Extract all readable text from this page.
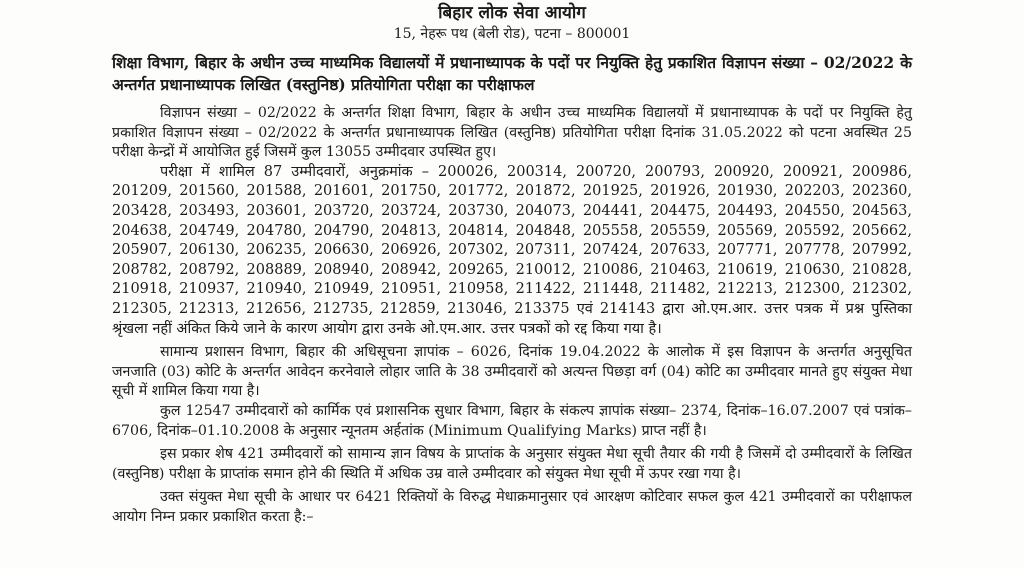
बिहार लोक सेवा आयोग
15, नेहरू पथ (बेली रोड), पटना – 800001
शिक्षा विभाग, बिहार के अधीन उच्च माध्यमिक विद्यालयों में प्रधानाध्यापक के पदों पर नियुक्ति हेतु प्रकाशित विज्ञापन संख्या – 02/2022 के अन्तर्गत प्रधानाध्यापक लिखित (वस्तुनिष्ठ) प्रतियोगिता परीक्षा का परीक्षाफल

विज्ञापन संख्या – 02/2022 के अन्तर्गत शिक्षा विभाग, बिहार के अधीन उच्च माध्यमिक विद्यालयों में प्रधानाध्यापक के पदों पर नियुक्ति हेतु प्रकाशित विज्ञापन संख्या – 02/2022 के अन्तर्गत प्रधानाध्यापक लिखित (वस्तुनिष्ठ) प्रतियोगिता परीक्षा दिनांक 31.05.2022 को पटना अवस्थित 25 परीक्षा केन्द्रों में आयोजित हुई जिसमें कुल 13055 उम्मीदवार उपस्थित हुए।

परीक्षा में शामिल 87 उम्मीदवारों, अनुक्रमांक – 200026, 200314, 200720, 200793, 200920, 200921, 200986, 201209, 201560, 201588, 201601, 201750, 201772, 201872, 201925, 201926, 201930, 202203, 202360, 203428, 203493, 203601, 203720, 203724, 203730, 204073, 204441, 204475, 204493, 204550, 204563, 204638, 204749, 204780, 204790, 204813, 204814, 204848, 205558, 205559, 205569, 205592, 205662, 205907, 206130, 206235, 206630, 206926, 207302, 207311, 207424, 207633, 207771, 207778, 207992, 208782, 208792, 208889, 208940, 208942, 209265, 210012, 210086, 210463, 210619, 210630, 210828, 210918, 210937, 210940, 210949, 210951, 210958, 211422, 211448, 211482, 212213, 212300, 212302, 212305, 212313, 212656, 212735, 212859, 213046, 213375 एवं 214143 द्वारा ओ.एम.आर. उत्तर पत्रक में प्रश्न पुस्तिका श्रृंखला नहीं अंकित किये जाने के कारण आयोग द्वारा उनके ओ.एम.आर. उत्तर पत्रकों को रद्द किया गया है।

सामान्य प्रशासन विभाग, बिहार की अधिसूचना ज्ञापांक – 6026, दिनांक 19.04.2022 के आलोक में इस विज्ञापन के अन्तर्गत अनुसूचित जनजाति (03) कोटि के अन्तर्गत आवेदन करनेवाले लोहार जाति के 38 उम्मीदवारों को अत्यन्त पिछड़ा वर्ग (04) कोटि का उम्मीदवार मानते हुए संयुक्त मेधा सूची में शामिल किया गया है।

कुल 12547 उम्मीदवारों को कार्मिक एवं प्रशासनिक सुधार विभाग, बिहार के संकल्प ज्ञापांक संख्या– 2374, दिनांक–16.07.2007 एवं पत्रांक– 6706, दिनांक–01.10.2008 के अनुसार न्यूनतम अर्हतांक (Minimum Qualifying Marks) प्राप्त नहीं है।

इस प्रकार शेष 421 उम्मीदवारों को सामान्य ज्ञान विषय के प्राप्तांक के अनुसार संयुक्त मेधा सूची तैयार की गयी है जिसमें दो उम्मीदवारों के लिखित (वस्तुनिष्ठ) परीक्षा के प्राप्तांक समान होने की स्थिति में अधिक उम्र वाले उम्मीदवार को संयुक्त मेधा सूची में ऊपर रखा गया है।

उक्त संयुक्त मेधा सूची के आधार पर 6421 रिक्तियों के विरुद्ध मेधाक्रमानुसार एवं आरक्षण कोटिवार सफल कुल 421 उम्मीदवारों का परीक्षाफल आयोग निम्न प्रकार प्रकाशित करता है:–
